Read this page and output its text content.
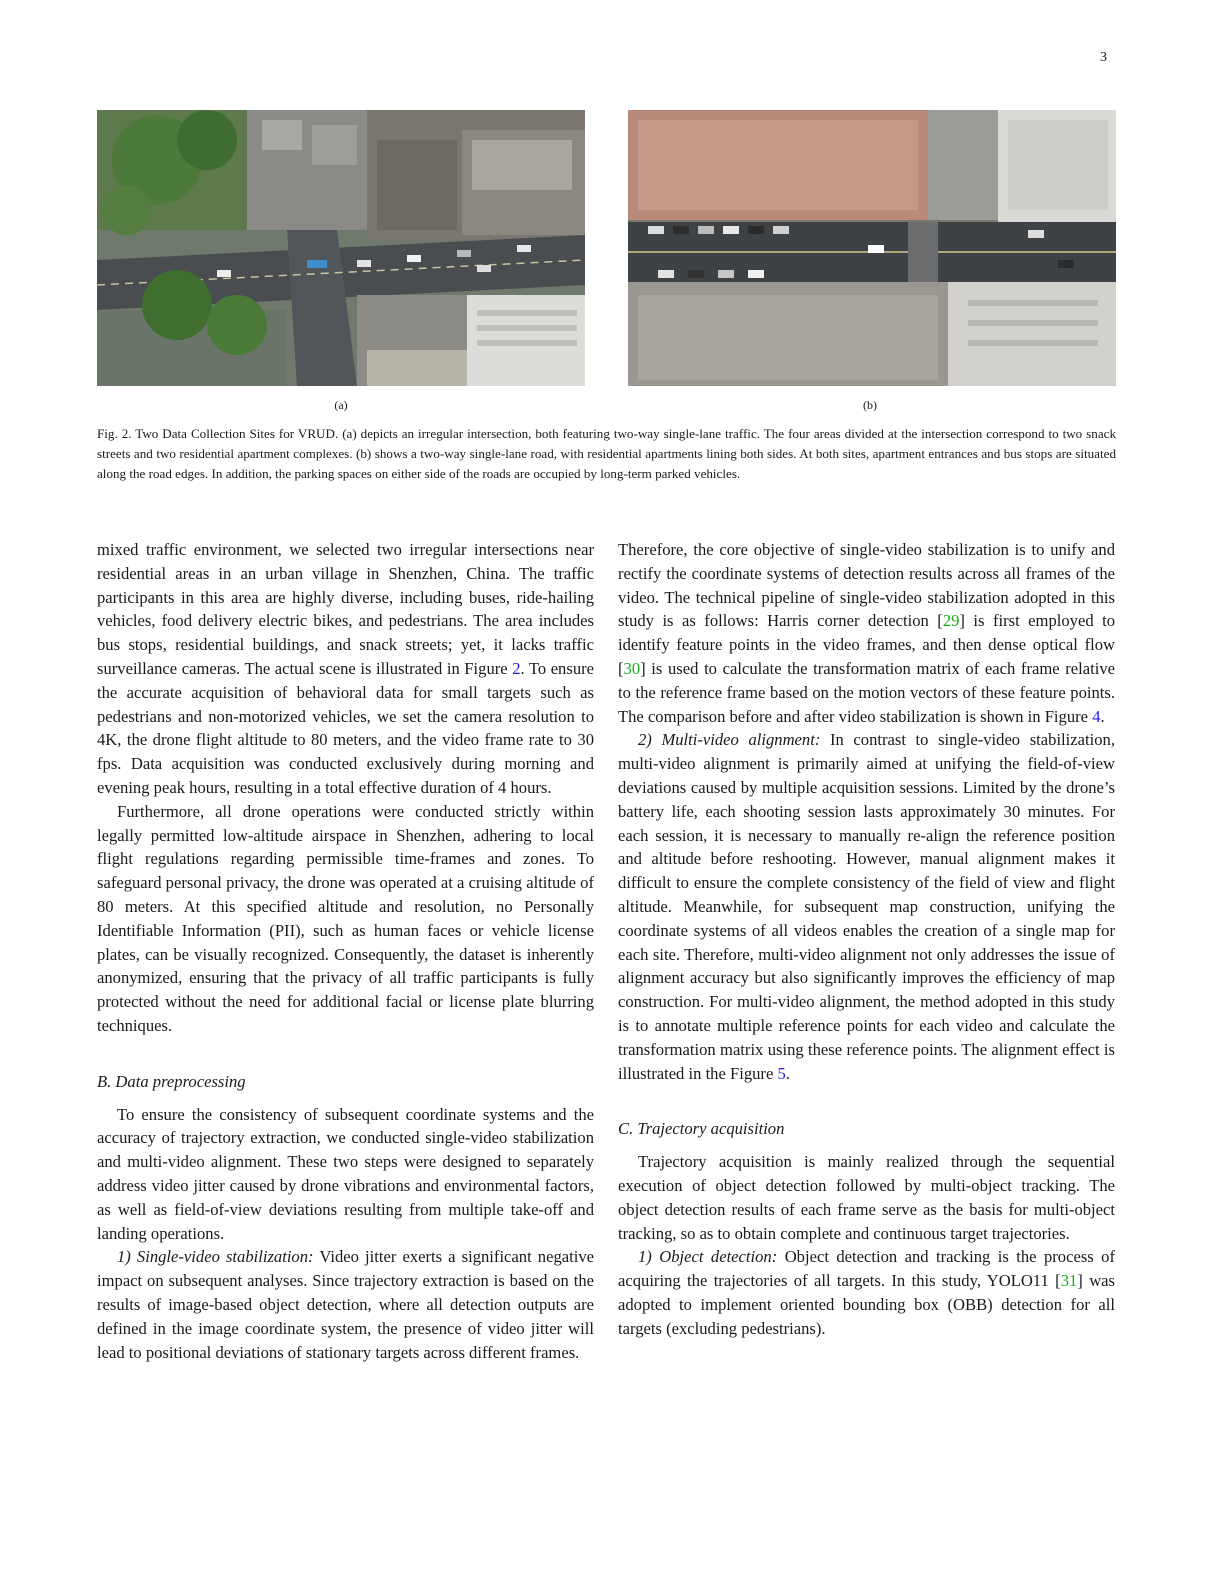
3
(a)	(b)
Fig. 2. Two Data Collection Sites for VRUD. (a) depicts an irregular intersection, both featuring two-way single-lane traffic. The four areas divided at the intersection correspond to two snack streets and two residential apartment complexes. (b) shows a two-way single-lane road, with residential apartments lining both sides. At both sites, apartment entrances and bus stops are situated along the road edges. In addition, the parking spaces on either side of the roads are occupied by long-term parked vehicles.

mixed traffic environment, we selected two irregular intersections near residential areas in an urban village in Shenzhen, China. The traffic participants in this area are highly diverse, including buses, ride-hailing vehicles, food delivery electric bikes, and pedestrians. The area includes bus stops, residential buildings, and snack streets; yet, it lacks traffic surveillance cameras. The actual scene is illustrated in Figure 2. To ensure the accurate acquisition of behavioral data for small targets such as pedestrians and non-motorized vehicles, we set the camera resolution to 4K, the drone flight altitude to 80 meters, and the video frame rate to 30 fps. Data acquisition was conducted exclusively during morning and evening peak hours, resulting in a total effective duration of 4 hours.

Furthermore, all drone operations were conducted strictly within legally permitted low-altitude airspace in Shenzhen, adhering to local flight regulations regarding permissible time-frames and zones. To safeguard personal privacy, the drone was operated at a cruising altitude of 80 meters. At this specified altitude and resolution, no Personally Identifiable Information (PII), such as human faces or vehicle license plates, can be visually recognized. Consequently, the dataset is inherently anonymized, ensuring that the privacy of all traffic participants is fully protected without the need for additional facial or license plate blurring techniques.

B. Data preprocessing

To ensure the consistency of subsequent coordinate systems and the accuracy of trajectory extraction, we conducted single-video stabilization and multi-video alignment. These two steps were designed to separately address video jitter caused by drone vibrations and environmental factors, as well as field-of-view deviations resulting from multiple take-off and landing operations.

1) Single-video stabilization: Video jitter exerts a significant negative impact on subsequent analyses. Since trajectory extraction is based on the results of image-based object detection, where all detection outputs are defined in the image coordinate system, the presence of video jitter will lead to positional deviations of stationary targets across different frames.

Therefore, the core objective of single-video stabilization is to unify and rectify the coordinate systems of detection results across all frames of the video. The technical pipeline of single-video stabilization adopted in this study is as follows: Harris corner detection [29] is first employed to identify feature points in the video frames, and then dense optical flow [30] is used to calculate the transformation matrix of each frame relative to the reference frame based on the motion vectors of these feature points. The comparison before and after video stabilization is shown in Figure 4.

2) Multi-video alignment: In contrast to single-video stabilization, multi-video alignment is primarily aimed at unifying the field-of-view deviations caused by multiple acquisition sessions. Limited by the drone’s battery life, each shooting session lasts approximately 30 minutes. For each session, it is necessary to manually re-align the reference position and altitude before reshooting. However, manual alignment makes it difficult to ensure the complete consistency of the field of view and flight altitude. Meanwhile, for subsequent map construction, unifying the coordinate systems of all videos enables the creation of a single map for each site. Therefore, multi-video alignment not only addresses the issue of alignment accuracy but also significantly improves the efficiency of map construction. For multi-video alignment, the method adopted in this study is to annotate multiple reference points for each video and calculate the transformation matrix using these reference points. The alignment effect is illustrated in the Figure 5.

C. Trajectory acquisition

Trajectory acquisition is mainly realized through the sequential execution of object detection followed by multi-object tracking. The object detection results of each frame serve as the basis for multi-object tracking, so as to obtain complete and continuous target trajectories.

1) Object detection: Object detection and tracking is the process of acquiring the trajectories of all targets. In this study, YOLO11 [31] was adopted to implement oriented bounding box (OBB) detection for all targets (excluding pedestrians).
